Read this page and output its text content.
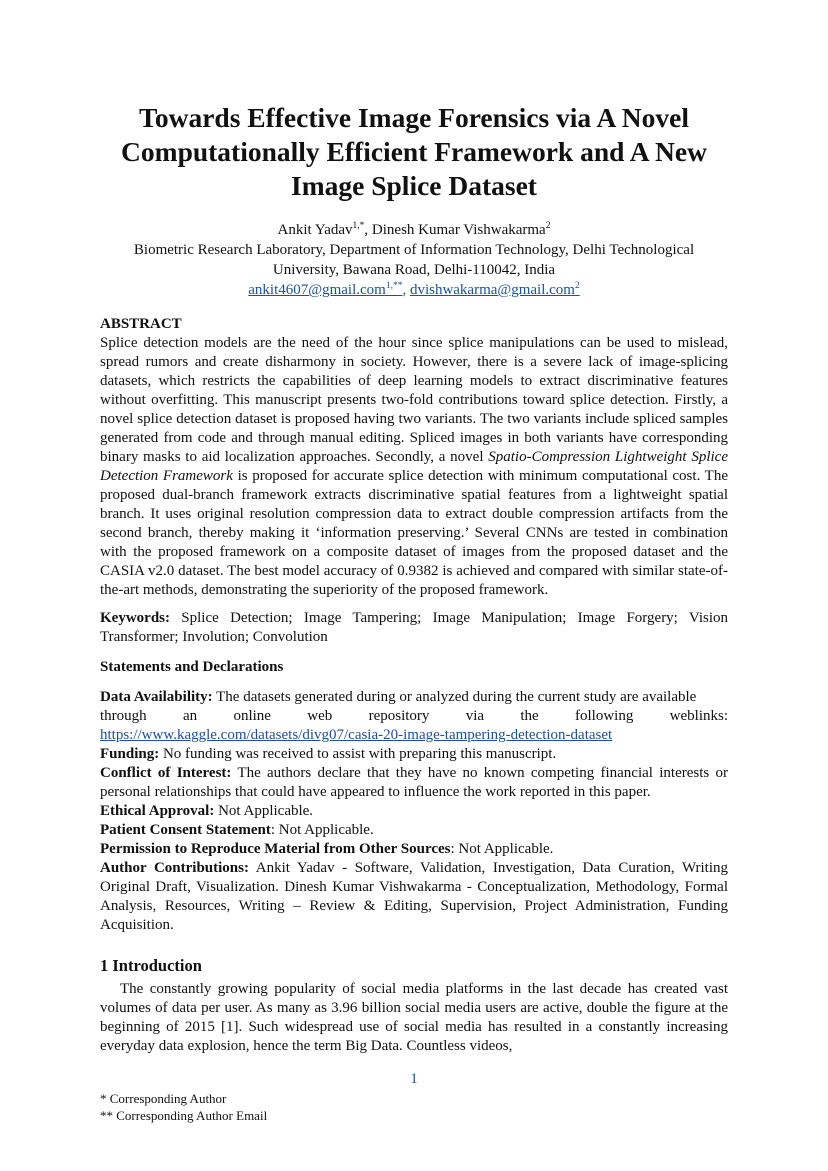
Towards Effective Image Forensics via A Novel
Computationally Efficient Framework and A New
Image Splice Dataset
Ankit Yadav$^{1,*}$, Dinesh Kumar Vishwakarma$^2$
Biometric Research Laboratory, Department of Information Technology, Delhi Technological
University, Bawana Road, Delhi-110042, India
ankit4607@gmail.com$^{1,**}$, dvishwakarma@gmail.com$^2$
ABSTRACT

Splice detection models are the need of the hour since splice manipulations can be used to mislead, spread rumors and create disharmony in society. However, there is a severe lack of image-splicing datasets, which restricts the capabilities of deep learning models to extract discriminative features without overfitting. This manuscript presents two-fold contributions toward splice detection. Firstly, a novel splice detection dataset is proposed having two variants. The two variants include spliced samples generated from code and through manual editing. Spliced images in both variants have corresponding binary masks to aid localization approaches. Secondly, a novel Spatio-Compression Lightweight Splice Detection Framework is proposed for accurate splice detection with minimum computational cost. The proposed dual-branch framework extracts discriminative spatial features from a lightweight spatial branch. It uses original resolution compression data to extract double compression artifacts from the second branch, thereby making it ‘information preserving.’ Several CNNs are tested in combination with the proposed framework on a composite dataset of images from the proposed dataset and the CASIA v2.0 dataset. The best model accuracy of 0.9382 is achieved and compared with similar state-of-the-art methods, demonstrating the superiority of the proposed framework.

Keywords: Splice Detection; Image Tampering; Image Manipulation; Image Forgery; Vision Transformer; Involution; Convolution

Statements and Declarations

Data Availability: The datasets generated during or analyzed during the current study are available

through an online web repository via the following weblinks:

https://www.kaggle.com/datasets/divg07/casia-20-image-tampering-detection-dataset

Funding: No funding was received to assist with preparing this manuscript.

Conflict of Interest: The authors declare that they have no known competing financial interests or personal relationships that could have appeared to influence the work reported in this paper.

Ethical Approval: Not Applicable.

Patient Consent Statement: Not Applicable.

Permission to Reproduce Material from Other Sources: Not Applicable.

Author Contributions: Ankit Yadav - Software, Validation, Investigation, Data Curation, Writing Original Draft, Visualization. Dinesh Kumar Vishwakarma - Conceptualization, Methodology, Formal Analysis, Resources, Writing – Review & Editing, Supervision, Project Administration, Funding Acquisition.

1 Introduction
The constantly growing popularity of social media platforms in the last decade has created vast volumes of data per user. As many as 3.96 billion social media users are active, double the figure at the beginning of 2015 [1]. Such widespread use of social media has resulted in a constantly increasing everyday data explosion, hence the term Big Data. Countless videos,
1
* Corresponding Author
** Corresponding Author Email
